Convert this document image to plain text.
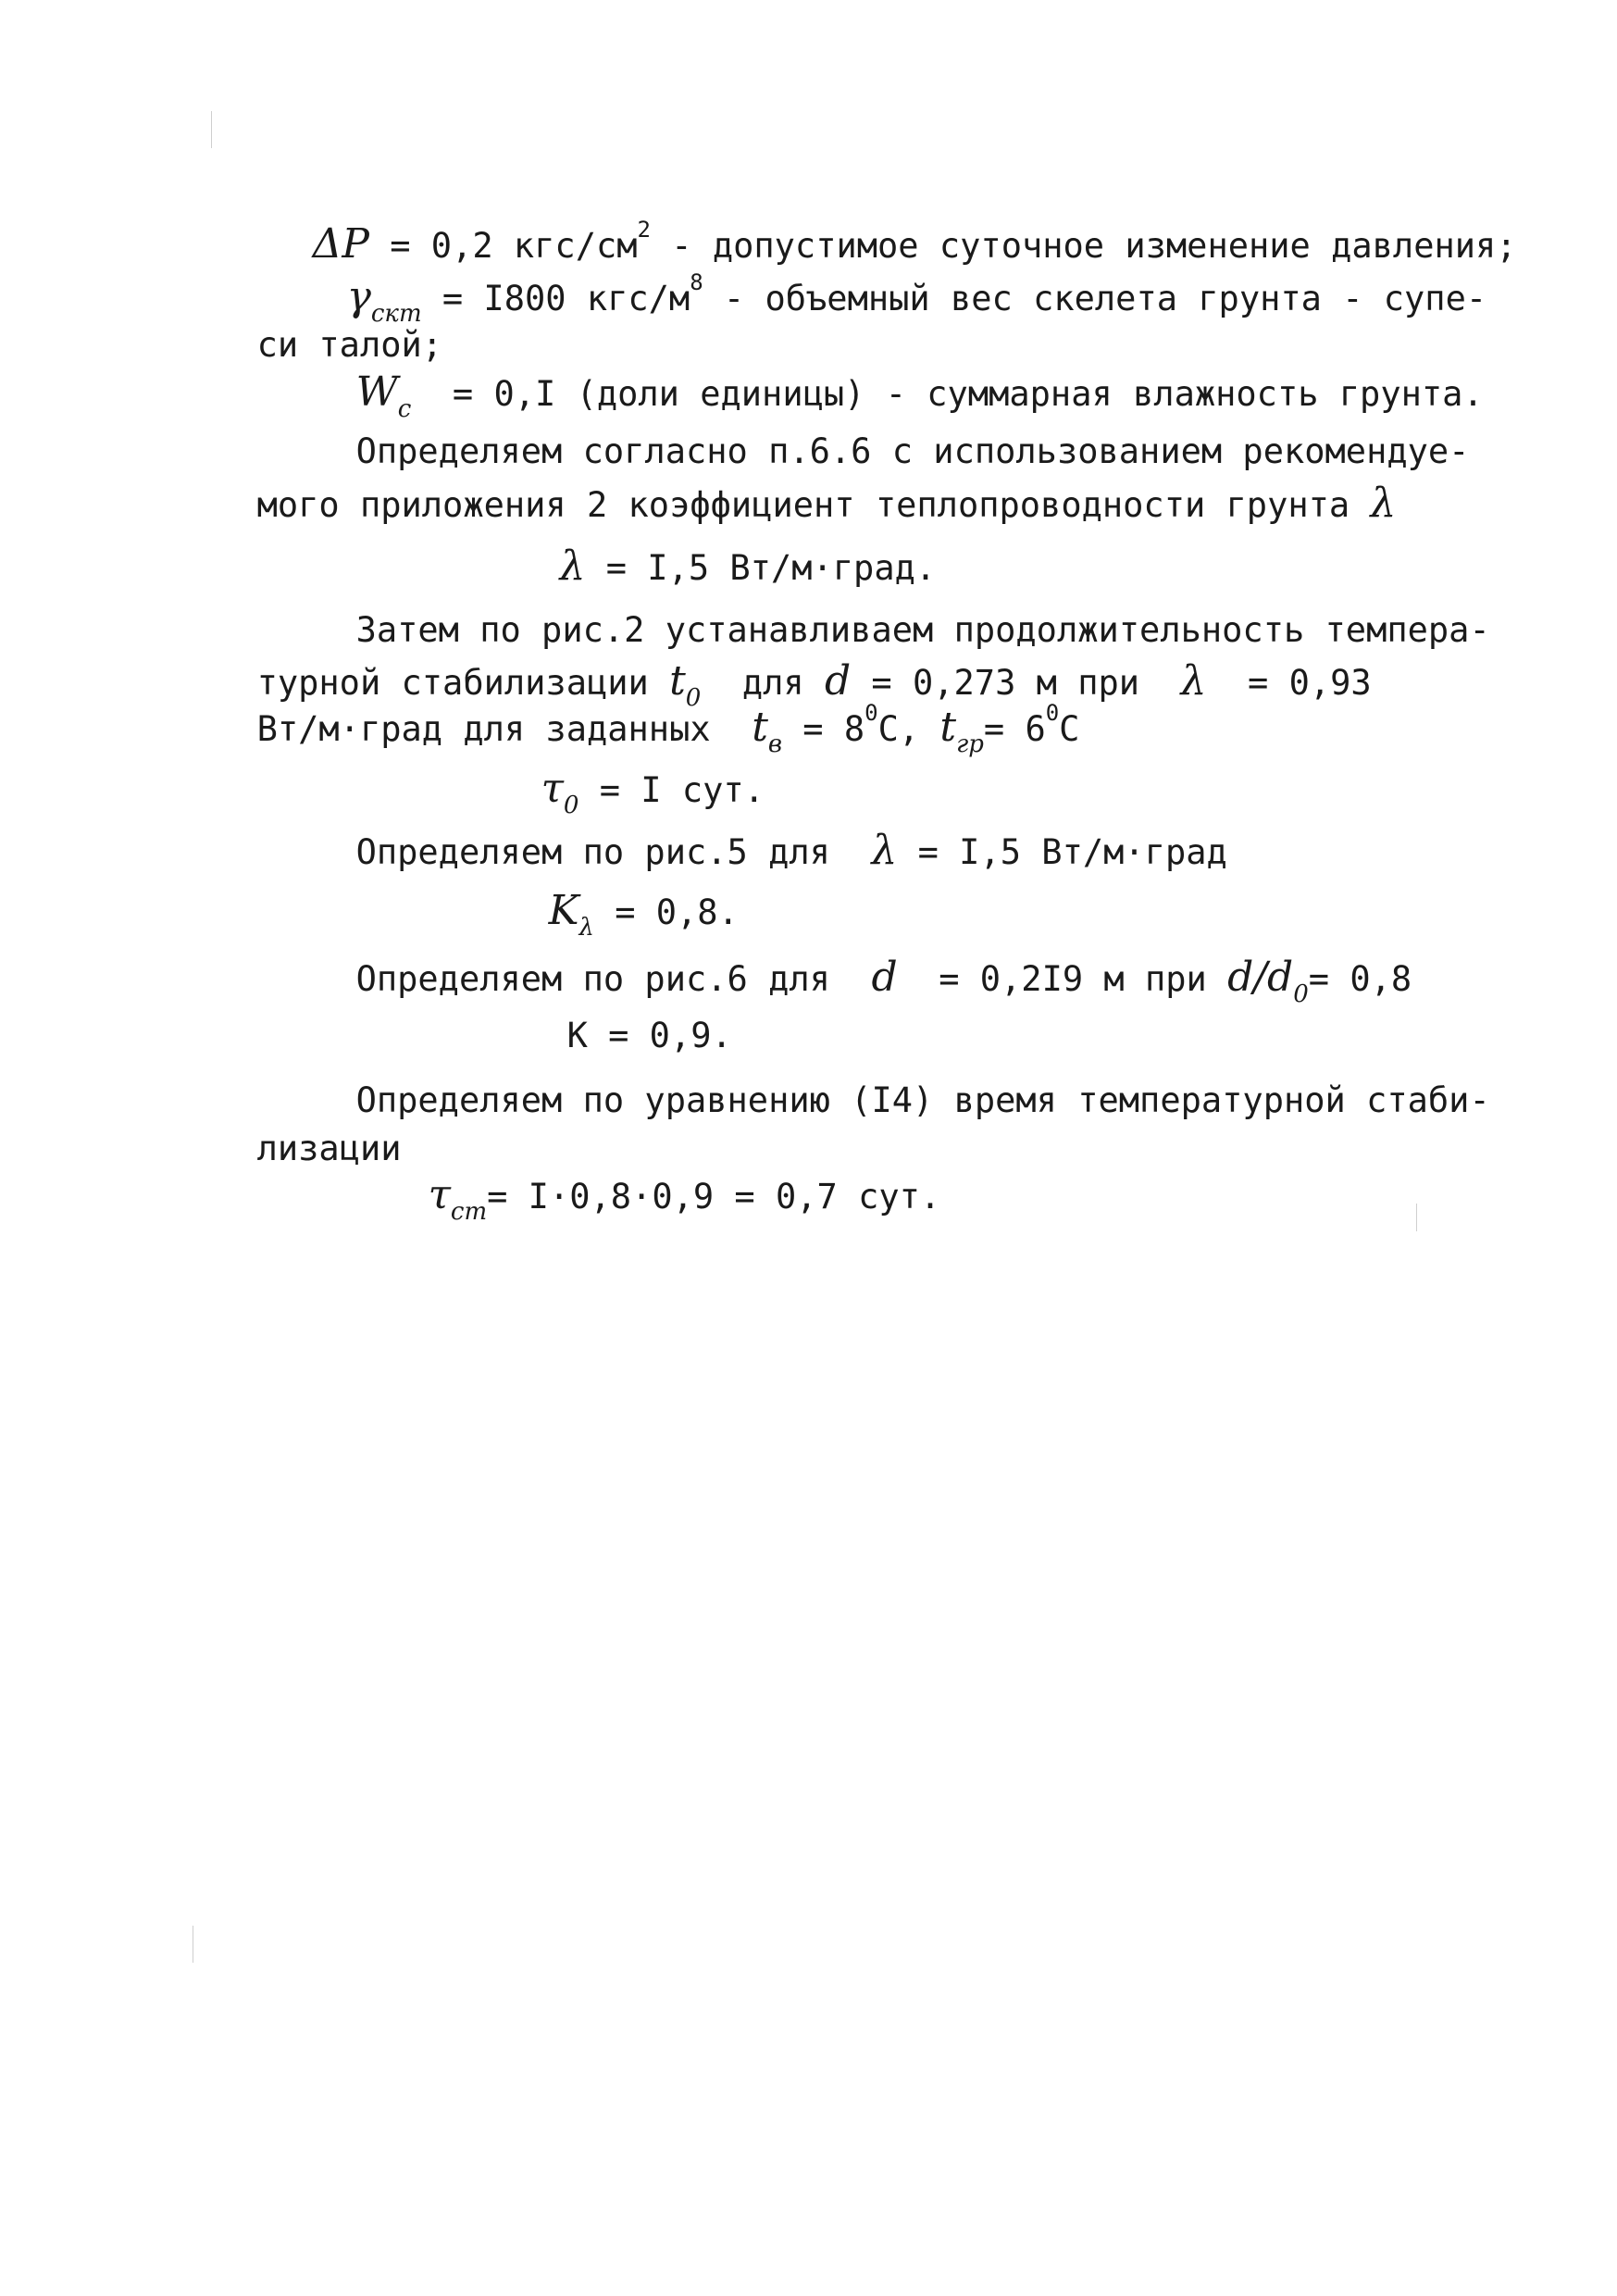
ΔP = 0,2 кгс/$см^2$ - допустимое суточное изменение давления;

$\gamma_{скт} = I800$ кгс/$м^8$ - объемный вес скелета грунта - супе-

си талой;

$W_с = 0,I$ (доли единицы) - суммарная влажность грунта.

Определяем согласно п.6.6 с использованием рекомендуе-

мого приложения 2 коэффициент теплопроводности грунта λ

λ = I,5 Вт/м·град.

Затем по рис.2 устанавливаем продолжительность темпера-

турной стабилизации $t_0$  для d = 0,273 м при  λ  = 0,93

Вт/м·град для заданных  $t_в = 8^0С$, $t_{гр}= 6^0С$

$\tau_0 = I$ сут.

Определяем по рис.5 для  λ = I,5 Вт/м·град

$K_\lambda = 0,8$.

Определяем по рис.6 для  d  = 0,2I9 м при $d/d_0= 0,8$

К = 0,9.

Определяем по уравнению (I4) время температурной стаби-

лизации

$\tau_{ст}= I\cdot 0,8\cdot 0,9 = 0,7$ сут.
